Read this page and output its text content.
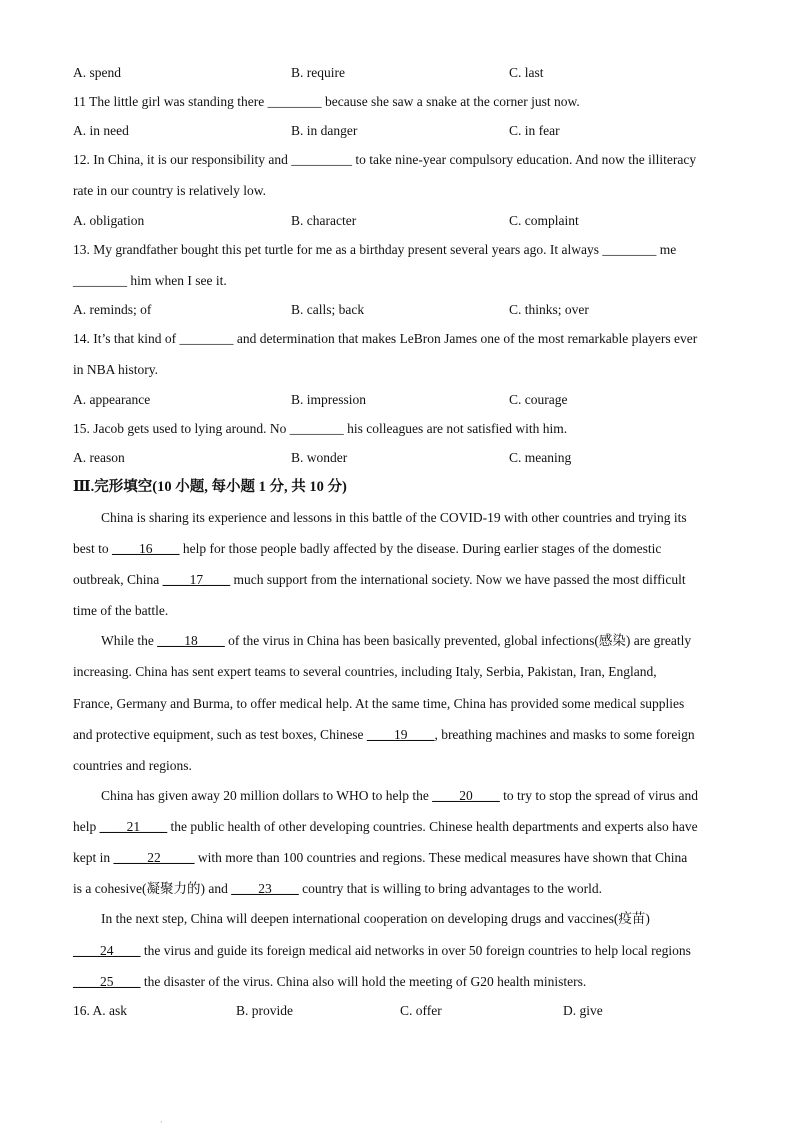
A. spend	B. require	C. last
11 The little girl was standing there ________ because she saw a snake at the corner just now.
A. in need	B. in danger	C. in fear
12. In China, it is our responsibility and _________ to take nine-year compulsory education. And now the illiteracy
rate in our country is relatively low.
A. obligation	B. character	C. complaint
13. My grandfather bought this pet turtle for me as a birthday present several years ago. It always ________ me
________ him when I see it.
A. reminds; of	B. calls; back	C. thinks; over
14. It’s that kind of ________ and determination that makes LeBron James one of the most remarkable players ever
in NBA history.
A. appearance	B. impression	C. courage
15. Jacob gets used to lying around. No ________ his colleagues are not satisfied with him.
A. reason	B. wonder	C. meaning
Ⅲ.完形填空(10 小题, 每小题 1 分, 共 10 分)
China is sharing its experience and lessons in this battle of the COVID-19 with other countries and trying its
best to ____16____ help for those people badly affected by the disease. During earlier stages of the domestic
outbreak, China ____17____ much support from the international society. Now we have passed the most difficult
time of the battle.
While the ____18____ of the virus in China has been basically prevented, global infections(感染) are greatly
increasing. China has sent expert teams to several countries, including Italy, Serbia, Pakistan, Iran, England,
France, Germany and Burma, to offer medical help. At the same time, China has provided some medical supplies
and protective equipment, such as test boxes, Chinese ____19____, breathing machines and masks to some foreign
countries and regions.
China has given away 20 million dollars to WHO to help the ____20____ to try to stop the spread of virus and
help ____21____ the public health of other developing countries. Chinese health departments and experts also have
kept in _____22_____ with more than 100 countries and regions. These medical measures have shown that China
is a cohesive(凝聚力的) and ____23____ country that is willing to bring advantages to the world.
In the next step, China will deepen international cooperation on developing drugs and vaccines(疫苗)
____24____ the virus and guide its foreign medical aid networks in over 50 foreign countries to help local regions
____25____ the disaster of the virus. China also will hold the meeting of G20 health ministers.
16. A. ask	B. provide	C. offer	D. give
·
